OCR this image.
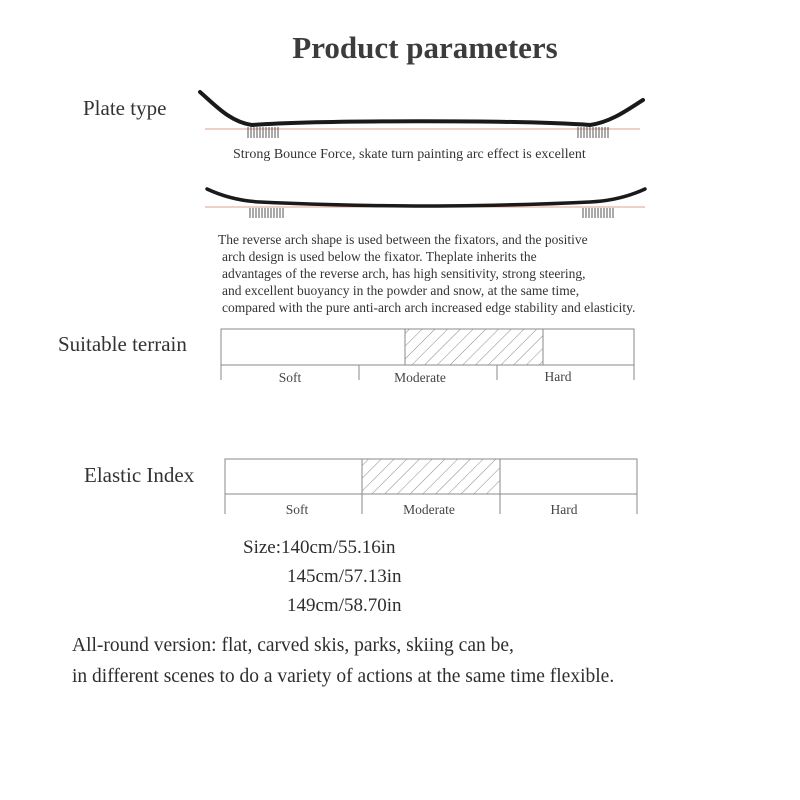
Product parameters
Plate type
Strong Bounce Force, skate turn painting arc effect is excellent
The reverse arch shape is used between the fixators, and the positive
arch design is used below the fixator. Theplate inherits the
advantages of the reverse arch, has high sensitivity, strong steering,
and excellent buoyancy in the powder and snow, at the same time,
compared with the pure anti-arch arch increased edge stability and elasticity.
Suitable terrain
Soft	Moderate	Hard
Elastic Index
Soft	Moderate	Hard
Size:140cm/55.16in
145cm/57.13in
149cm/58.70in
All-round version: flat, carved skis, parks, skiing can be,
in different scenes to do a variety of actions at the same time flexible.
